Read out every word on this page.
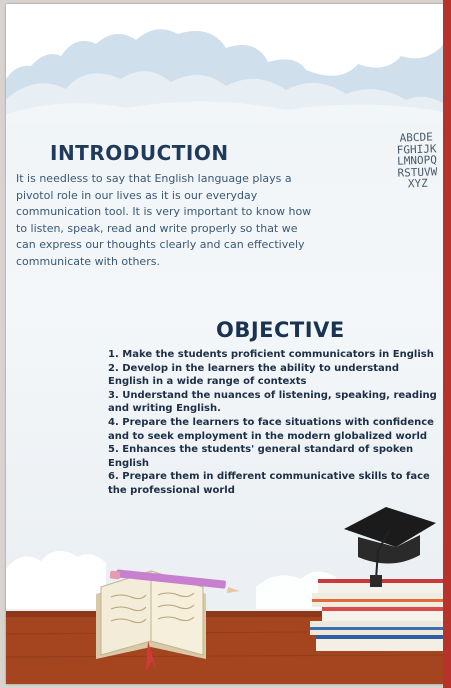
INTRODUCTION

It is needless to say that English language plays a pivotol role in our lives as it is our everyday communication tool. It is very important to know how to listen, speak, read and write properly so that we can express our thoughts clearly and can effectively communicate with others.

ABCDE
FGHIJK
LMNOPQ
RSTUVW
XYZ
OBJECTIVE
1. Make the students proficient communicators in English
2. Develop in the learners the ability to understand English in a wide range of contexts
3. Understand the nuances of listening, speaking, reading and writing English.
4. Prepare the learners to face situations with confidence and to seek employment in the modern globalized world
5. Enhances the students' general standard of spoken English
6. Prepare them in different communicative skills to face the professional world
